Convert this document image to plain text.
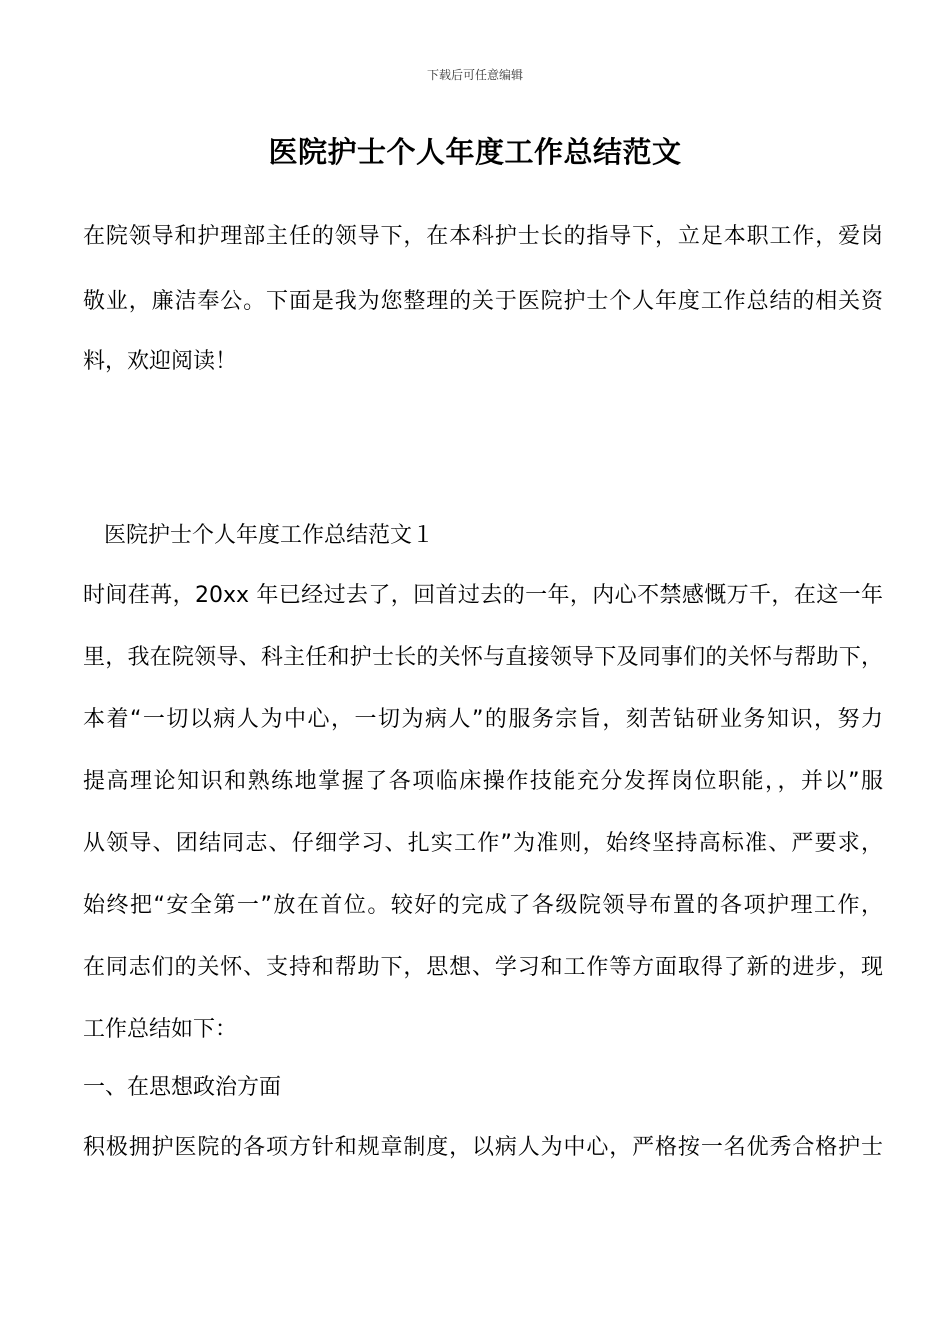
下载后可任意编辑
医院护士个人年度工作总结范文
在院领导和护理部主任的领导下，在本科护士长的指导下，立足本职工作，爱岗
敬业，廉洁奉公。下面是我为您整理的关于医院护士个人年度工作总结的相关资
料，欢迎阅读！
医院护士个人年度工作总结范文１
时间荏苒，20xx 年已经过去了，回首过去的一年，内心不禁感慨万千，在这一年
里，我在院领导、科主任和护士长的关怀与直接领导下及同事们的关怀与帮助下，
本着“一切以病人为中心，一切为病人”的服务宗旨，刻苦钻研业务知识，努力
提高理论知识和熟练地掌握了各项临床操作技能充分发挥岗位职能，，并以”服
从领导、团结同志、仔细学习、扎实工作”为准则，始终坚持高标准、严要求，
始终把“安全第一”放在首位。较好的完成了各级院领导布置的各项护理工作，
在同志们的关怀、支持和帮助下，思想、学习和工作等方面取得了新的进步，现
工作总结如下：
一、在思想政治方面
积极拥护医院的各项方针和规章制度，以病人为中心，严格按一名优秀合格护士
